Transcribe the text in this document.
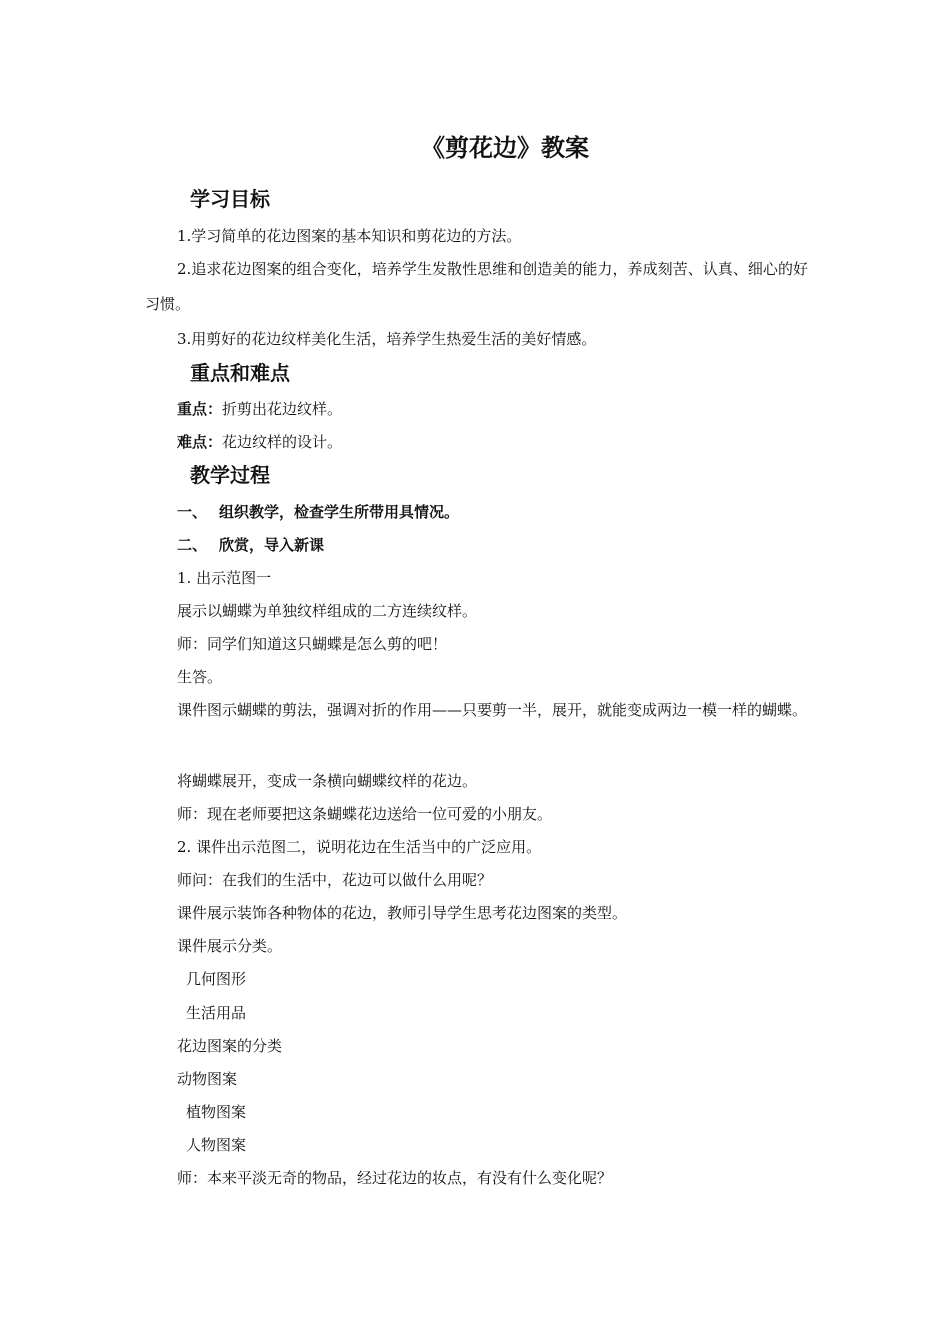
《剪花边》教案
学习目标
1.学习简单的花边图案的基本知识和剪花边的方法。
2.追求花边图案的组合变化，培养学生发散性思维和创造美的能力，养成刻苦、认真、细心的好习惯。
3.用剪好的花边纹样美化生活，培养学生热爱生活的美好情感。
重点和难点
重点：折剪出花边纹样。
难点：花边纹样的设计。
教学过程
一、 组织教学，检查学生所带用具情况。
二、 欣赏，导入新课
1. 出示范图一
展示以蝴蝶为单独纹样组成的二方连续纹样。
师：同学们知道这只蝴蝶是怎么剪的吧！
生答。
课件图示蝴蝶的剪法，强调对折的作用——只要剪一半，展开，就能变成两边一模一样的蝴蝶。
将蝴蝶展开，变成一条横向蝴蝶纹样的花边。
师：现在老师要把这条蝴蝶花边送给一位可爱的小朋友。
2. 课件出示范图二，说明花边在生活当中的广泛应用。
师问：在我们的生活中，花边可以做什么用呢？
课件展示装饰各种物体的花边，教师引导学生思考花边图案的类型。
课件展示分类。
几何图形
生活用品
花边图案的分类
动物图案
植物图案
人物图案
师：本来平淡无奇的物品，经过花边的妆点，有没有什么变化呢？
